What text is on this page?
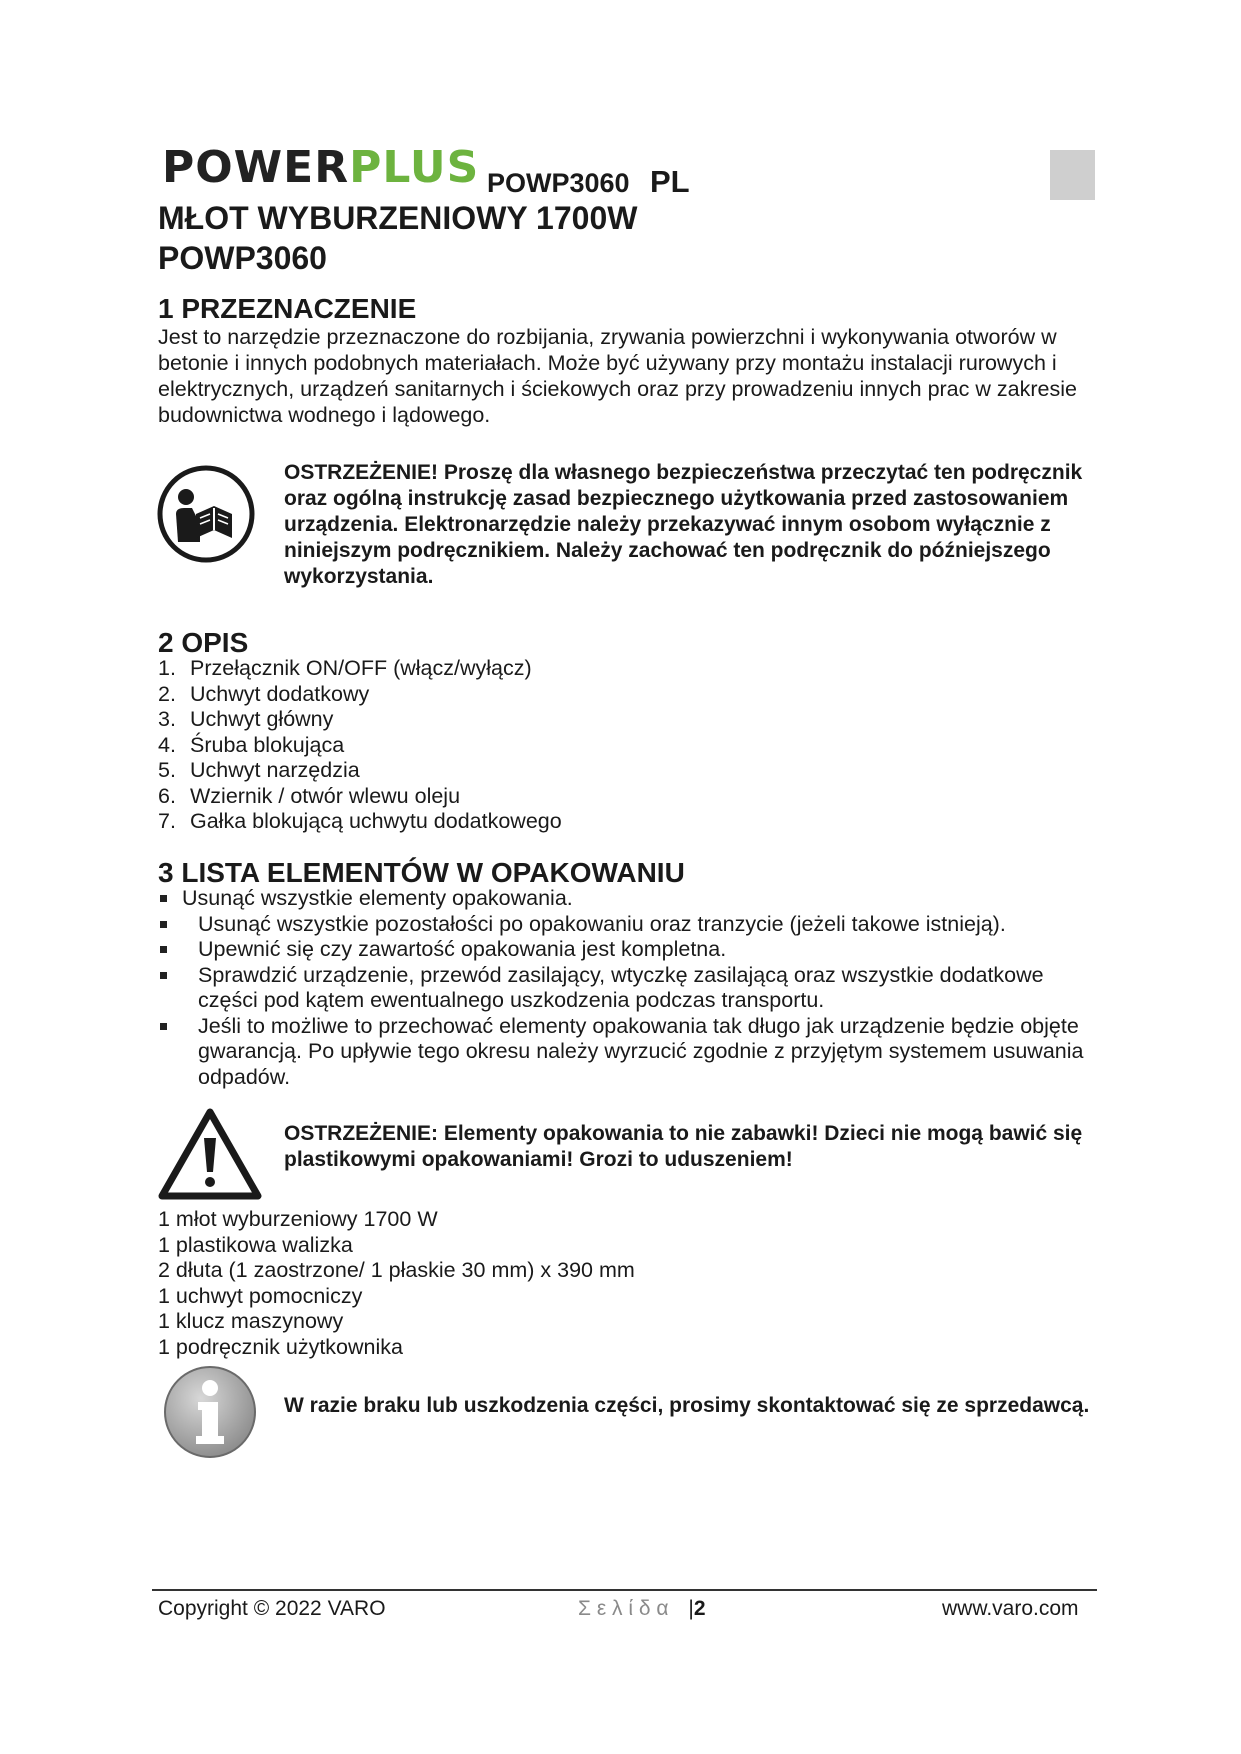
POWERPLUS POWP3060 PL
MŁOT WYBURZENIOWY 1700W
POWP3060
1 PRZEZNACZENIE
Jest to narzędzie przeznaczone do rozbijania, zrywania powierzchni i wykonywania otworów w betonie i innych podobnych materiałach. Może być używany przy montażu instalacji rurowych i elektrycznych, urządzeń sanitarnych i ściekowych oraz przy prowadzeniu innych prac w zakresie budownictwa wodnego i lądowego.
OSTRZEŻENIE! Proszę dla własnego bezpieczeństwa przeczytać ten podręcznik oraz ogólną instrukcję zasad bezpiecznego użytkowania przed zastosowaniem urządzenia. Elektronarzędzie należy przekazywać innym osobom wyłącznie z niniejszym podręcznikiem. Należy zachować ten podręcznik do późniejszego wykorzystania.
2 OPIS
1. Przełącznik ON/OFF (włącz/wyłącz)
2. Uchwyt dodatkowy
3. Uchwyt główny
4. Śruba blokująca
5. Uchwyt narzędzia
6. Wziernik / otwór wlewu oleju
7. Gałka blokującą uchwytu dodatkowego
3 LISTA ELEMENTÓW W OPAKOWANIU
Usunąć wszystkie elementy opakowania.
Usunąć wszystkie pozostałości po opakowaniu oraz tranzycie (jeżeli takowe istnieją).
Upewnić się czy zawartość opakowania jest kompletna.
Sprawdzić urządzenie, przewód zasilający, wtyczkę zasilającą oraz wszystkie dodatkowe części pod kątem ewentualnego uszkodzenia podczas transportu.
Jeśli to możliwe to przechować elementy opakowania tak długo jak urządzenie będzie objęte gwarancją. Po upływie tego okresu należy wyrzucić zgodnie z przyjętym systemem usuwania odpadów.
OSTRZEŻENIE: Elementy opakowania to nie zabawki! Dzieci nie mogą bawić się plastikowymi opakowaniami! Grozi to uduszeniem!
1 młot wyburzeniowy 1700 W
1 plastikowa walizka
2 dłuta (1 zaostrzone/ 1 płaskie 30 mm) x 390 mm
1 uchwyt pomocniczy
1 klucz maszynowy
1 podręcznik użytkownika
W razie braku lub uszkodzenia części, prosimy skontaktować się ze sprzedawcą.
Copyright © 2022 VARO	Σ ε λ ί δ α |2	www.varo.com
